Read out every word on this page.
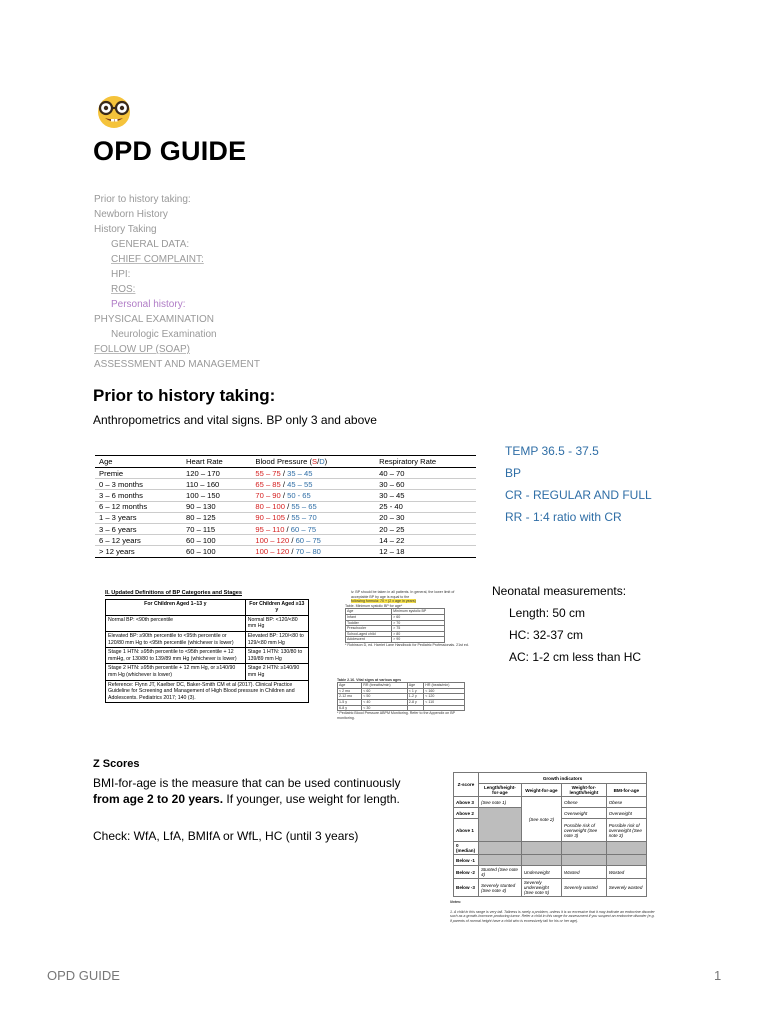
OPD GUIDE
Prior to history taking:
Newborn History
History Taking
GENERAL DATA:
CHIEF COMPLAINT:
HPI:
ROS:
Personal history:
PHYSICAL EXAMINATION
Neurologic Examination
FOLLOW UP (SOAP)
ASSESSMENT AND MANAGEMENT
Prior to history taking:
Anthropometrics and vital signs. BP only 3 and above
Age	Heart Rate	Blood Pressure (S/D)	Respiratory Rate
Premie	120 – 170	55 – 75 / 35 – 45	40 – 70
0 – 3 months	110 – 160	65 – 85 / 45 – 55	30 – 60
3 – 6 months	100 – 150	70 – 90 / 50 - 65	30 – 45
6 – 12 months	90 – 130	80 – 100 / 55 – 65	25 - 40
1 – 3 years	80 – 125	90 – 105 / 55 – 70	20 – 30
3 – 6 years	70 – 115	95 – 110 / 60 – 75	20 – 25
6 – 12 years	60 – 100	100 – 120 / 60 – 75	14 – 22
> 12 years	60 – 100	100 – 120 / 70 – 80	12 – 18
TEMP 36.5 - 37.5
BP
CR - REGULAR AND FULL
RR - 1:4 ratio with CR
II. Updated Definitions of BP Categories and Stages
For Children Aged 1–13 y	For Children Aged ≥13 y
Normal BP: <90th percentile	Normal BP: <120/<80 mm Hg
Elevated BP: ≥90th percentile to <95th percentile or 120/80 mm Hg to <95th percentile (whichever is lower)	Elevated BP: 120/<80 to 129/<80 mm Hg
Stage 1 HTN: ≥95th percentile to <95th percentile + 12 mmHg, or 130/80 to 139/89 mm Hg (whichever is lower)	Stage 1 HTN: 130/80 to 139/89 mm Hg
Stage 2 HTN: ≥95th percentile + 12 mm Hg, or ≥140/90 mm Hg (whichever is lower)	Stage 2 HTN: ≥140/90 mm Hg
Reference: Flynn JT, Kaelber DC, Baker-Smith CM et al (2017). Clinical Practice Guideline for Screening and Management of High Blood pressure in Children and Adolescents. Pediatrics 2017; 140 (3).	
iv. BP should be taken in all patients. In general, the lower limit of acceptable BP by age is equal to the
following formula: 70 + (2 x age in years)
Table. Minimum systolic BP for age*
Age	Minimum systolic BP
Infant	> 60
Toddler	> 70
Preschooler	> 75
School-aged child	> 80
Adolescent	> 90
* Robinson D, ed. Harriet Lane Handbook for Pediatric Professionals. 21st ed.
Table 2.16. Vital signs at various ages
Age	RR (breaths/min)	Age	HR (beats/min)
< 2 mo	< 60	< 1 y	< 160
2-12 mo	< 50	1-2 y	< 120
1-5 y	< 40	2-8 y	< 110
6-8 y	< 30		
* Pediatric Blood Pressure ABPM Monitoring. Refer to the Appendix on BP monitoring.
Neonatal measurements:
Length: 50 cm
HC: 32-37 cm
AC: 1-2 cm less than HC
Z Scores
BMI-for-age is the measure that can be used continuously from age 2 to 20 years. If younger, use weight for length.
Check: WfA, LfA, BMIfA or WfL, HC (until 3 years)
Z-score	Growth indicators			
	Length/height-for-age	Weight-for-age	Weight-for-length/height	BMI-for-age
Above 3	(See note 1)	(See note 2)	Obese	Obese
Above 2			Overweight	Overweight
Above 1			Possible risk of overweight (See note 3)	Possible risk of overweight (See note 3)
0 (median)				
Below -1				
Below -2	Stunted (See note 4)	Underweight	Wasted	Wasted
Below -3	Severely stunted (See note 4)	Severely underweight (See note 5)	Severely wasted	Severely wasted
Notes:
1. A child in this range is very tall. Tallness is rarely a problem, unless it is so excessive that it may indicate an endocrine disorder such as a growth-hormone-producing tumor. Refer a child in this range for assessment if you suspect an endocrine disorder (e.g. if parents of normal height have a child who is excessively tall for his or her age).
OPD GUIDE	1
